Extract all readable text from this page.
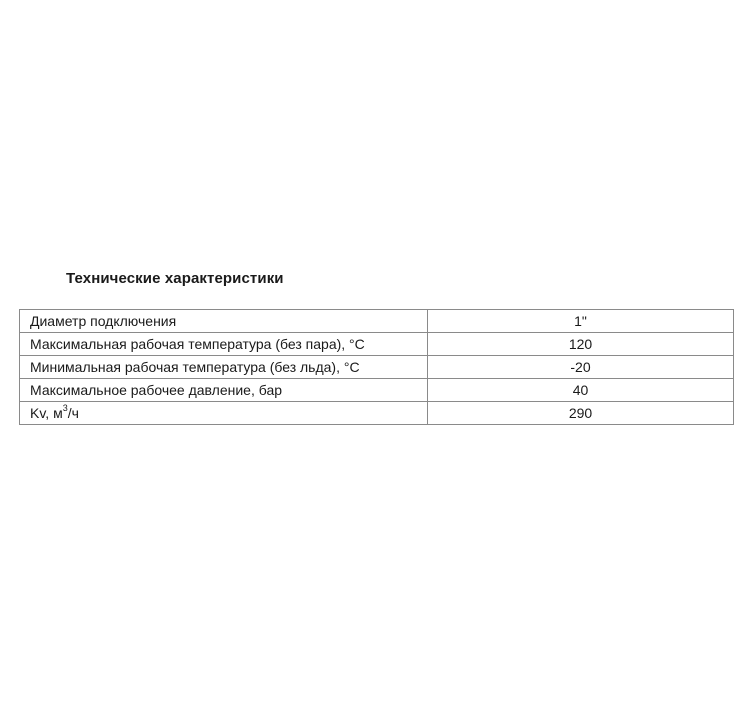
Технические характеристики
Диаметр подключения	1"
Максимальная рабочая температура (без пара), °C	120
Минимальная рабочая температура (без льда), °C	-20
Максимальное рабочее давление, бар	40
Kv, $м^3/ч$	290
